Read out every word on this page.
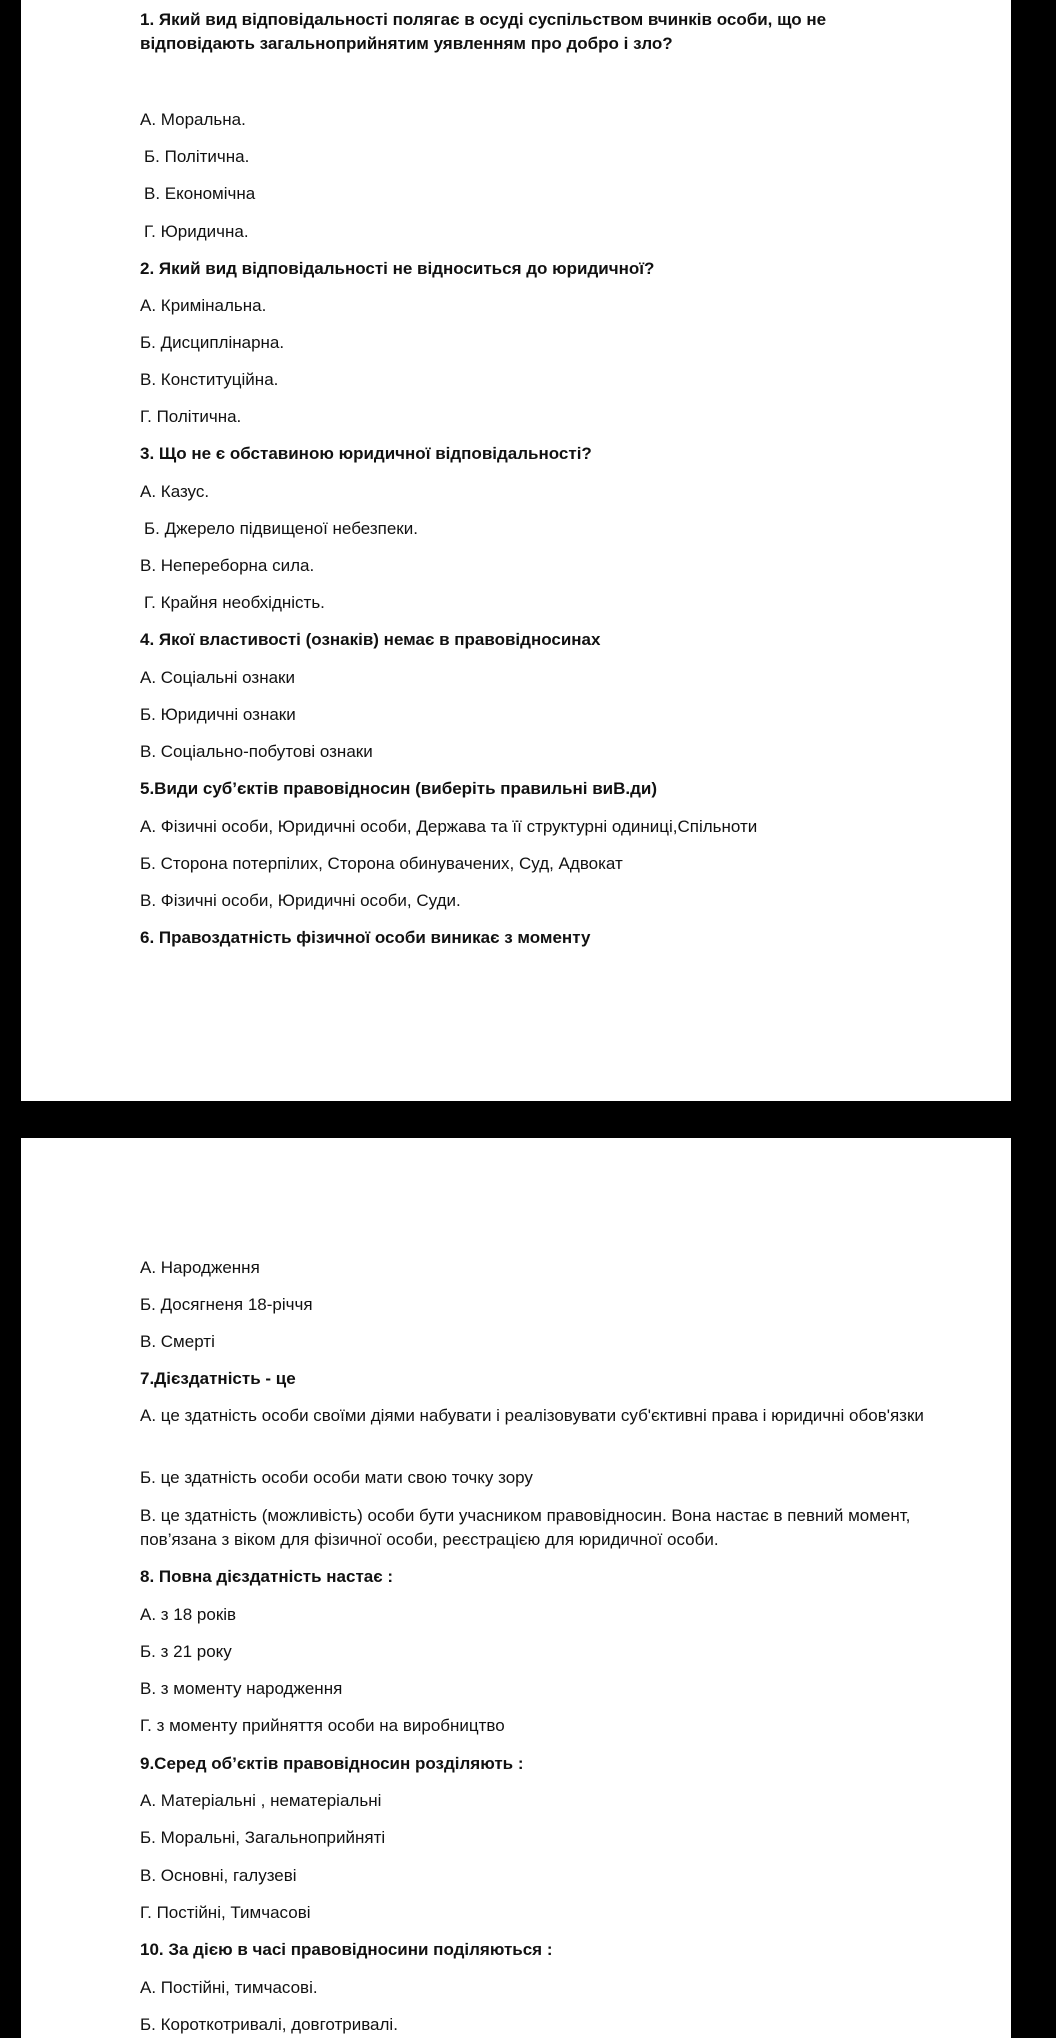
1. Який вид відповідальності полягає в осуді суспільством вчинків особи, що не відповідають загальноприйнятим уявленням про добро і зло?

А. Моральна.

Б. Політична.

В. Економічна

Г. Юридична.

2. Який вид відповідальності не відноситься до юридичної?

А. Кримінальна.

Б. Дисциплінарна.

В. Конституційна.

Г. Політична.

3. Що не є обставиною юридичної відповідальності?

А. Казус.

Б. Джерело підвищеної небезпеки.

В. Непереборна сила.

Г. Крайня необхідність.

4. Якої властивості (ознаків) немає в правовідносинах

А. Соціальні ознаки

Б. Юридичні ознаки

В. Соціально-побутові ознаки

5.Види суб’єктів правовідносин (виберіть правильні виВ.ди)

А. Фізичні особи, Юридичні особи, Держава та її структурні одиниці,Спільноти

Б. Сторона потерпілих, Сторона обинувачених, Суд, Адвокат

В. Фізичні особи, Юридичні особи, Суди.

6. Правоздатність фізичної особи виникає з моменту

А. Народження

Б. Досягненя 18-річчя

В. Смерті

7.Дієздатність - це

А. це здатність особи своїми діями набувати і реалізовувати суб'єктивні права і юридичні обов'язки

Б. це здатність особи особи мати свою точку зору

В. це здатність (можливість) особи бути учасником правовідносин. Вона настає в певний момент, пов’язана з віком для фізичної особи, реєстрацією для юридичної особи.

8. Повна дієздатність настає :

А. з 18 років

Б. з 21 року

В. з моменту народження

Г. з моменту прийняття особи на виробництво

9.Серед об’єктів правовідносин розділяють :

А. Матеріальні , нематеріальні

Б. Моральні, Загальноприйняті

В. Основні, галузеві

Г. Постійні, Тимчасові

10. За дією в часі правовідносини поділяються :

А. Постійні, тимчасові.

Б. Короткотривалі, довготривалі.
